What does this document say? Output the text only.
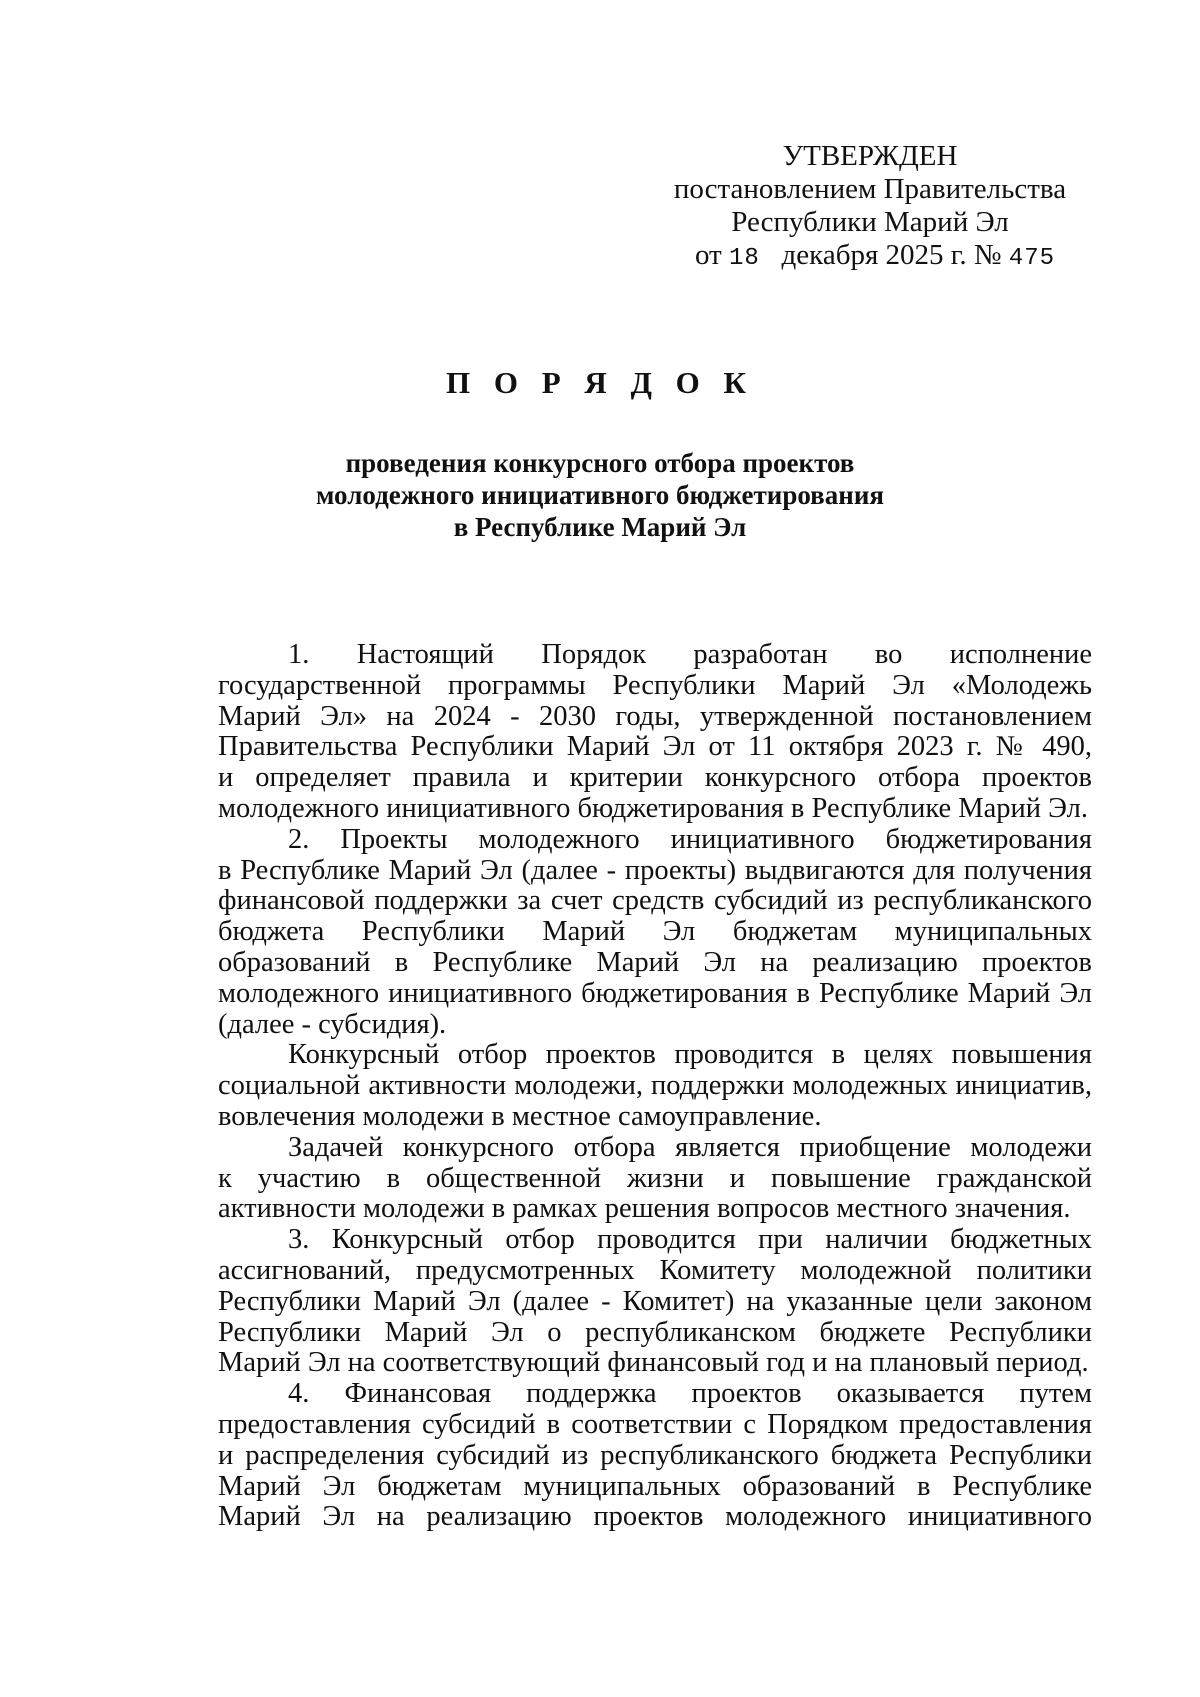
УТВЕРЖДЕН
постановлением Правительства
Республики Марий Эл
от 18 декабря 2025 г. № 475
П О Р Я Д О К
проведения конкурсного отбора проектов
молодежного инициативного бюджетирования
в Республике Марий Эл
1. Настоящий Порядок разработан во исполнение
государственной программы Республики Марий Эл «Молодежь
Марий Эл» на 2024 - 2030 годы, утвержденной постановлением
Правительства Республики Марий Эл от 11 октября 2023 г. № 490,
и определяет правила и критерии конкурсного отбора проектов
молодежного инициативного бюджетирования в Республике Марий Эл.
2. Проекты молодежного инициативного бюджетирования
в Республике Марий Эл (далее - проекты) выдвигаются для получения
финансовой поддержки за счет средств субсидий из республиканского
бюджета Республики Марий Эл бюджетам муниципальных
образований в Республике Марий Эл на реализацию проектов
молодежного инициативного бюджетирования в Республике Марий Эл
(далее - субсидия).
Конкурсный отбор проектов проводится в целях повышения
социальной активности молодежи, поддержки молодежных инициатив,
вовлечения молодежи в местное самоуправление.
Задачей конкурсного отбора является приобщение молодежи
к участию в общественной жизни и повышение гражданской
активности молодежи в рамках решения вопросов местного значения.
3. Конкурсный отбор проводится при наличии бюджетных
ассигнований, предусмотренных Комитету молодежной политики
Республики Марий Эл (далее - Комитет) на указанные цели законом
Республики Марий Эл о республиканском бюджете Республики
Марий Эл на соответствующий финансовый год и на плановый период.
4. Финансовая поддержка проектов оказывается путем
предоставления субсидий в соответствии с Порядком предоставления
и распределения субсидий из республиканского бюджета Республики
Марий Эл бюджетам муниципальных образований в Республике
Марий Эл на реализацию проектов молодежного инициативного
